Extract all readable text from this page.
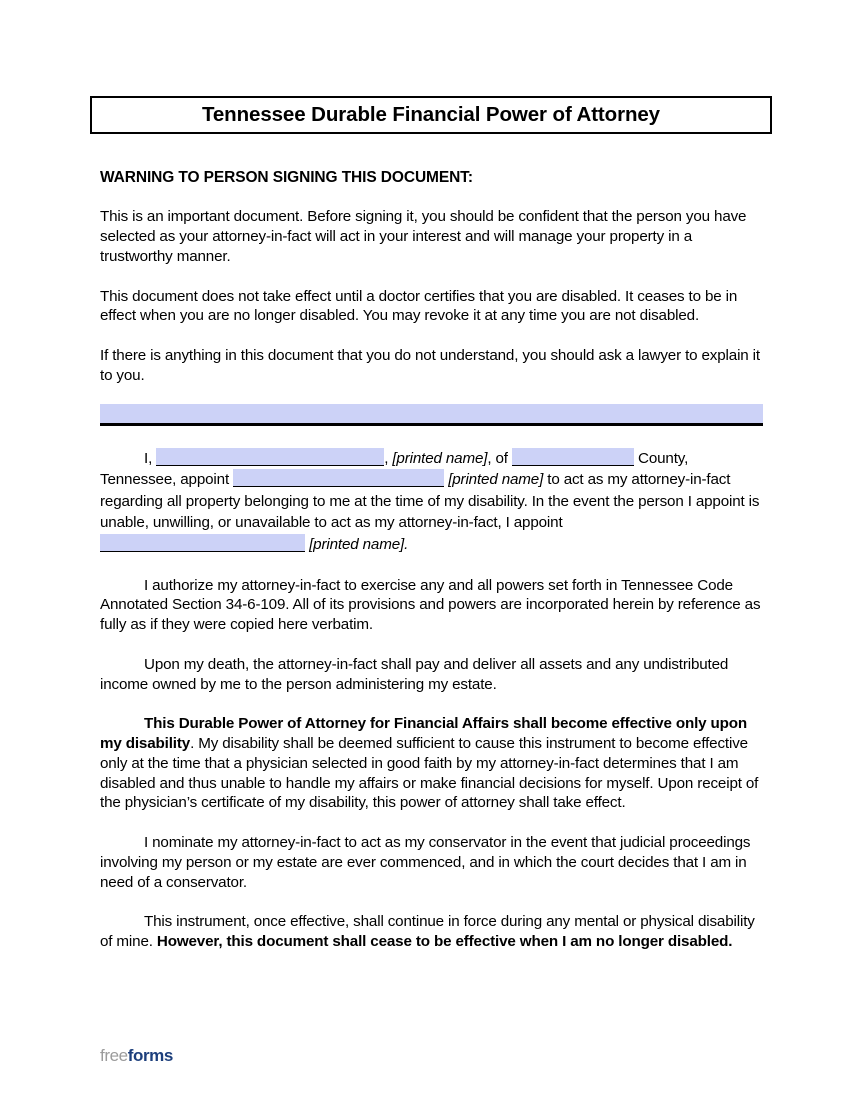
Tennessee Durable Financial Power of Attorney
WARNING TO PERSON SIGNING THIS DOCUMENT:

This is an important document. Before signing it, you should be confident that the person you have selected as your attorney-in-fact will act in your interest and will manage your property in a trustworthy manner.

This document does not take effect until a doctor certifies that you are disabled. It ceases to be in effect when you are no longer disabled. You may revoke it at any time you are not disabled.

If there is anything in this document that you do not understand, you should ask a lawyer to explain it to you.

I,	, [printed name], of	County, Tennessee, appoint	[printed name] to act as my attorney-in-fact regarding all property belonging to me at the time of my disability. In the event the person I appoint is unable, unwilling, or unavailable to act as my attorney-in-fact, I appoint  [printed name].

I authorize my attorney-in-fact to exercise any and all powers set forth in Tennessee Code Annotated Section 34-6-109. All of its provisions and powers are incorporated herein by reference as fully as if they were copied here verbatim.

Upon my death, the attorney-in-fact shall pay and deliver all assets and any undistributed income owned by me to the person administering my estate.

This Durable Power of Attorney for Financial Affairs shall become effective only upon my disability. My disability shall be deemed sufficient to cause this instrument to become effective only at the time that a physician selected in good faith by my attorney-in-fact determines that I am disabled and thus unable to handle my affairs or make financial decisions for myself. Upon receipt of the physician’s certificate of my disability, this power of attorney shall take effect.

I nominate my attorney-in-fact to act as my conservator in the event that judicial proceedings involving my person or my estate are ever commenced, and in which the court decides that I am in need of a conservator.

This instrument, once effective, shall continue in force during any mental or physical disability of mine. However, this document shall cease to be effective when I am no longer disabled.

freeforms
